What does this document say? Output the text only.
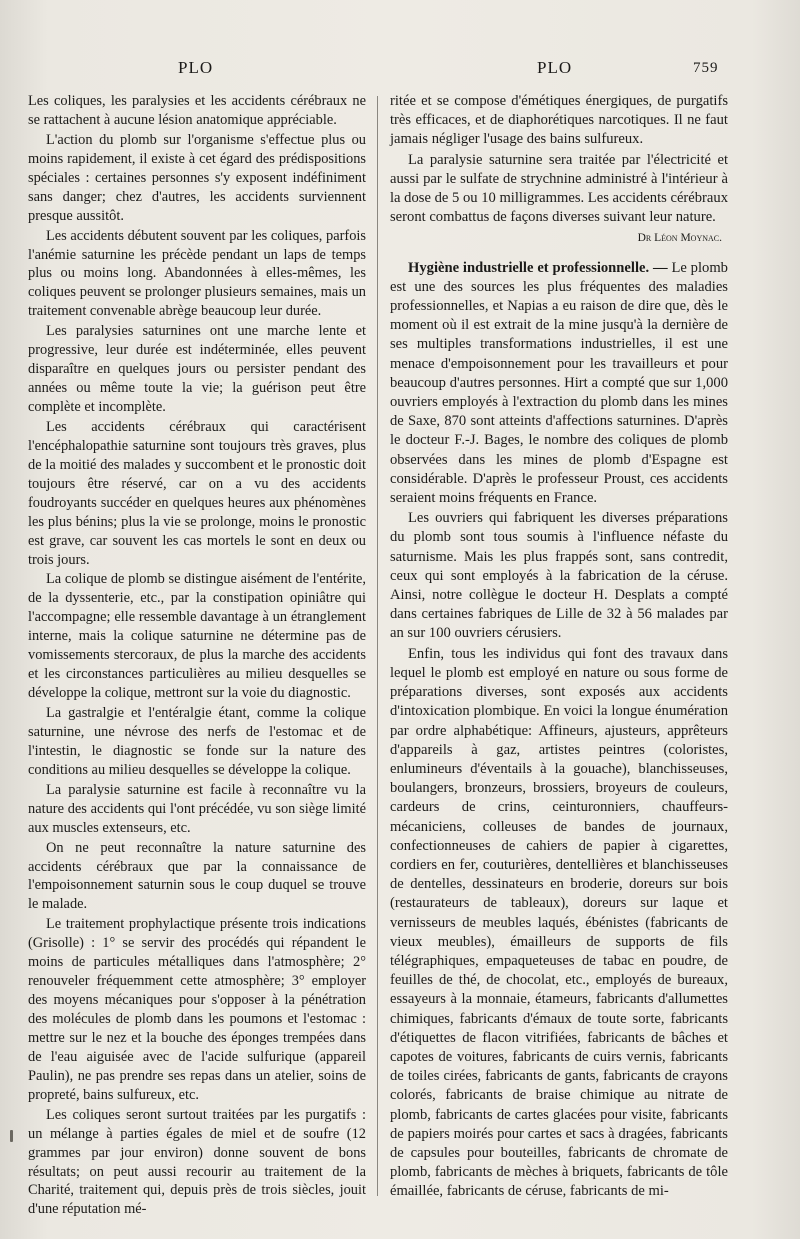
PLO	PLO	759

Les coliques, les paralysies et les accidents cérébraux ne se rattachent à aucune lésion anatomique appréciable.

L'action du plomb sur l'organisme s'effectue plus ou moins rapidement, il existe à cet égard des prédispositions spéciales : certaines personnes s'y exposent indéfiniment sans danger; chez d'autres, les accidents surviennent presque aussitôt.

Les accidents débutent souvent par les coliques, parfois l'anémie saturnine les précède pendant un laps de temps plus ou moins long. Abandonnées à elles-mêmes, les coliques peuvent se prolonger plusieurs semaines, mais un traitement convenable abrège beaucoup leur durée.

Les paralysies saturnines ont une marche lente et progressive, leur durée est indéterminée, elles peuvent disparaître en quelques jours ou persister pendant des années ou même toute la vie; la guérison peut être complète et incomplète.

Les accidents cérébraux qui caractérisent l'encéphalopathie saturnine sont toujours très graves, plus de la moitié des malades y succombent et le pronostic doit toujours être réservé, car on a vu des accidents foudroyants succéder en quelques heures aux phénomènes les plus bénins; plus la vie se prolonge, moins le pronostic est grave, car souvent les cas mortels le sont en deux ou trois jours.

La colique de plomb se distingue aisément de l'entérite, de la dyssenterie, etc., par la constipation opiniâtre qui l'accompagne; elle ressemble davantage à un étranglement interne, mais la colique saturnine ne détermine pas de vomissements stercoraux, de plus la marche des accidents et les circonstances particulières au milieu desquelles se développe la colique, mettront sur la voie du diagnostic.

La gastralgie et l'entéralgie étant, comme la colique saturnine, une névrose des nerfs de l'estomac et de l'intestin, le diagnostic se fonde sur la nature des conditions au milieu desquelles se développe la colique.

La paralysie saturnine est facile à reconnaître vu la nature des accidents qui l'ont précédée, vu son siège limité aux muscles extenseurs, etc.

On ne peut reconnaître la nature saturnine des accidents cérébraux que par la connaissance de l'empoisonnement saturnin sous le coup duquel se trouve le malade.

Le traitement prophylactique présente trois indications (Grisolle) : 1° se servir des procédés qui répandent le moins de particules métalliques dans l'atmosphère; 2° renouveler fréquemment cette atmosphère; 3° employer des moyens mécaniques pour s'opposer à la pénétration des molécules de plomb dans les poumons et l'estomac : mettre sur le nez et la bouche des éponges trempées dans de l'eau aiguisée avec de l'acide sulfurique (appareil Paulin), ne pas prendre ses repas dans un atelier, soins de propreté, bains sulfureux, etc.

Les coliques seront surtout traitées par les purgatifs : un mélange à parties égales de miel et de soufre (12 grammes par jour environ) donne souvent de bons résultats; on peut aussi recourir au traitement de la Charité, traitement qui, depuis près de trois siècles, jouit d'une réputation mé-

ritée et se compose d'émétiques énergiques, de purgatifs très efficaces, et de diaphorétiques narcotiques. Il ne faut jamais négliger l'usage des bains sulfureux.

La paralysie saturnine sera traitée par l'électricité et aussi par le sulfate de strychnine administré à l'intérieur à la dose de 5 ou 10 milligrammes. Les accidents cérébraux seront combattus de façons diverses suivant leur nature.

Dr Léon Moynac.

Hygiène industrielle et professionnelle. — Le plomb est une des sources les plus fréquentes des maladies professionnelles, et Napias a eu raison de dire que, dès le moment où il est extrait de la mine jusqu'à la dernière de ses multiples transformations industrielles, il est une menace d'empoisonnement pour les travailleurs et pour beaucoup d'autres personnes. Hirt a compté que sur 1,000 ouvriers employés à l'extraction du plomb dans les mines de Saxe, 870 sont atteints d'affections saturnines. D'après le docteur F.-J. Bages, le nombre des coliques de plomb observées dans les mines de plomb d'Espagne est considérable. D'après le professeur Proust, ces accidents seraient moins fréquents en France.

Les ouvriers qui fabriquent les diverses préparations du plomb sont tous soumis à l'influence néfaste du saturnisme. Mais les plus frappés sont, sans contredit, ceux qui sont employés à la fabrication de la céruse. Ainsi, notre collègue le docteur H. Desplats a compté dans certaines fabriques de Lille de 32 à 56 malades par an sur 100 ouvriers cérusiers.

Enfin, tous les individus qui font des travaux dans lequel le plomb est employé en nature ou sous forme de préparations diverses, sont exposés aux accidents d'intoxication plombique. En voici la longue énumération par ordre alphabétique: Affineurs, ajusteurs, apprêteurs d'appareils à gaz, artistes peintres (coloristes, enlumineurs d'éventails à la gouache), blanchisseuses, boulangers, bronzeurs, brossiers, broyeurs de couleurs, cardeurs de crins, ceinturonniers, chauffeurs-mécaniciens, colleuses de bandes de journaux, confectionneuses de cahiers de papier à cigarettes, cordiers en fer, couturières, dentellières et blanchisseuses de dentelles, dessinateurs en broderie, doreurs sur bois (restaurateurs de tableaux), doreurs sur laque et vernisseurs de meubles laqués, ébénistes (fabricants de vieux meubles), émailleurs de supports de fils télégraphiques, empaqueteuses de tabac en poudre, de feuilles de thé, de chocolat, etc., employés de bureaux, essayeurs à la monnaie, étameurs, fabricants d'allumettes chimiques, fabricants d'émaux de toute sorte, fabricants d'étiquettes de flacon vitrifiées, fabricants de bâches et capotes de voitures, fabricants de cuirs vernis, fabricants de toiles cirées, fabricants de gants, fabricants de crayons colorés, fabricants de braise chimique au nitrate de plomb, fabricants de cartes glacées pour visite, fabricants de papiers moirés pour cartes et sacs à dragées, fabricants de capsules pour bouteilles, fabricants de chromate de plomb, fabricants de mèches à briquets, fabricants de tôle émaillée, fabricants de céruse, fabricants de mi-
